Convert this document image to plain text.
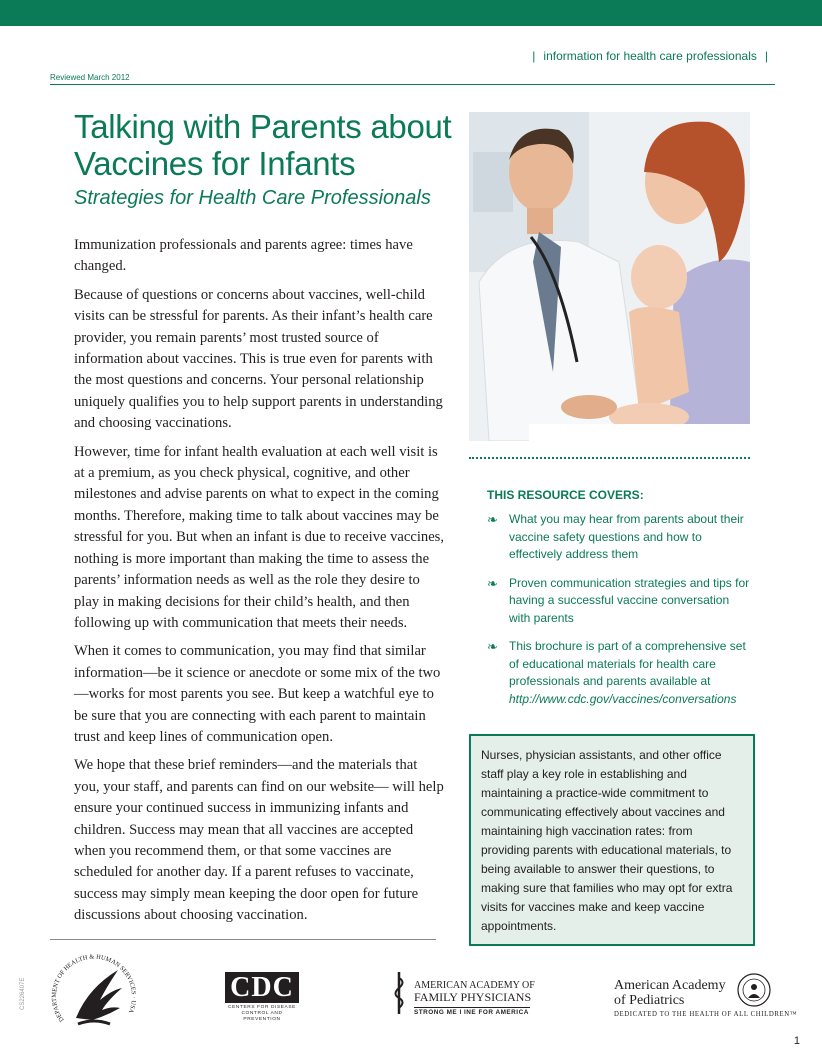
| information for health care professionals |
Reviewed March 2012
Talking with Parents about Vaccines for Infants
Strategies for Health Care Professionals

Immunization professionals and parents agree: times have changed.

Because of questions or concerns about vaccines, well-child visits can be stressful for parents. As their infant’s health care provider, you remain parents’ most trusted source of information about vaccines. This is true even for parents with the most questions and concerns. Your personal relationship uniquely qualifies you to help support parents in understanding and choosing vaccinations.

However, time for infant health evaluation at each well visit is at a premium, as you check physical, cognitive, and other milestones and advise parents on what to expect in the coming months. Therefore, making time to talk about vaccines may be stressful for you. But when an infant is due to receive vaccines, nothing is more important than making the time to assess the parents’ information needs as well as the role they desire to play in making decisions for their child’s health, and then following up with communication that meets their needs.

When it comes to communication, you may find that similar information—be it science or anecdote or some mix of the two—works for most parents you see. But keep a watchful eye to be sure that you are connecting with each parent to maintain trust and keep lines of communication open.

We hope that these brief reminders—and the materials that you, your staff, and parents can find on our website— will help ensure your continued success in immunizing infants and children. Success may mean that all vaccines are accepted when you recommend them, or that some vaccines are scheduled for another day. If a parent refuses to vaccinate, success may simply mean keeping the door open for future discussions about choosing vaccination.

THIS RESOURCE COVERS:
❧ What you may hear from parents about their vaccine safety questions and how to effectively address them
❧ Proven communication strategies and tips for having a successful vaccine conversation with parents
❧ This brochure is part of a comprehensive set of educational materials for health care professionals and parents available at http://www.cdc.gov/vaccines/conversations
Nurses, physician assistants, and other office staff play a key role in establishing and maintaining a practice-wide commitment to communicating effectively about vaccines and maintaining high vaccination rates: from providing parents with educational materials, to being available to answer their questions, to making sure that families who may opt for extra visits for vaccines make and keep vaccine appointments.
DEPARTMENT OF HEALTH & HUMAN SERVICES · USA
CDC
CENTERS FOR DISEASE
CONTROL AND PREVENTION
AMERICAN ACADEMY OF
FAMILY PHYSICIANS
STRONG ME I INE FOR AMERICA
American Academy
of Pediatrics
DEDICATED TO THE HEALTH OF ALL CHILDREN™
CS226407E
1
